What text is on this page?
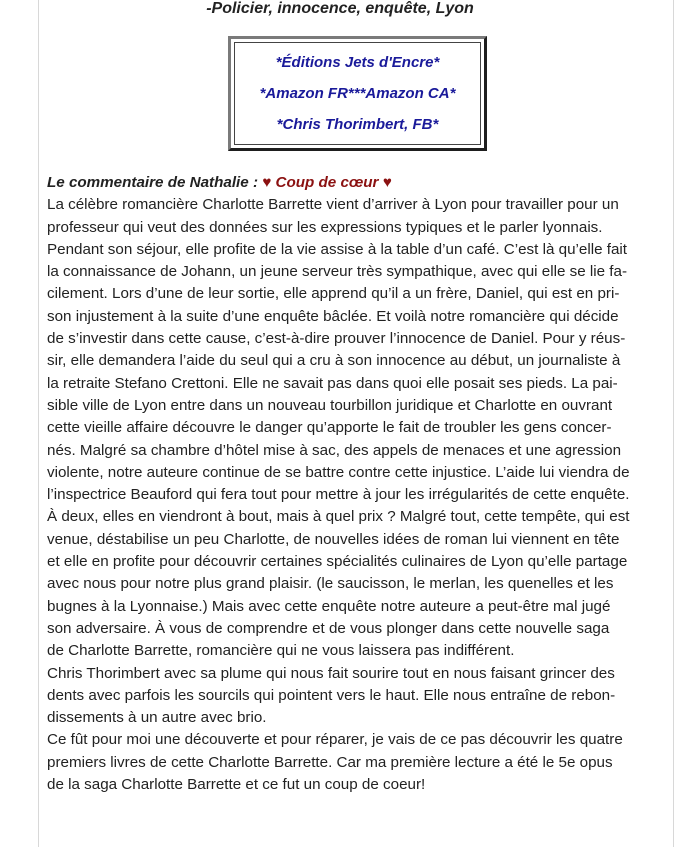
-Policier, innocence, enquête, Lyon
*Éditions Jets d'Encre*
*Amazon FR***Amazon CA*
*Chris Thorimbert, FB*
Le commentaire de Nathalie : ♥ Coup de cœur ♥
La célèbre romancière Charlotte Barrette vient d’arriver à Lyon pour travailler pour un
professeur qui veut des données sur les expressions typiques et le parler lyonnais.
Pendant son séjour, elle profite de la vie assise à la table d’un café. C’est là qu’elle fait
la connaissance de Johann, un jeune serveur très sympathique, avec qui elle se lie fa-
cilement. Lors d’une de leur sortie, elle apprend qu’il a un frère, Daniel, qui est en pri-
son injustement à la suite d’une enquête bâclée. Et voilà notre romancière qui décide
de s’investir dans cette cause, c’est-à-dire prouver l’innocence de Daniel. Pour y réus-
sir, elle demandera l’aide du seul qui a cru à son innocence au début, un journaliste à
la retraite Stefano Crettoni. Elle ne savait pas dans quoi elle posait ses pieds. La pai-
sible ville de Lyon entre dans un nouveau tourbillon juridique et Charlotte en ouvrant
cette vieille affaire découvre le danger qu’apporte le fait de troubler les gens concer-
nés. Malgré sa chambre d’hôtel mise à sac, des appels de menaces et une agression
violente, notre auteure continue de se battre contre cette injustice. L’aide lui viendra de
l’inspectrice Beauford qui fera tout pour mettre à jour les irrégularités de cette enquête.
À deux, elles en viendront à bout, mais à quel prix ? Malgré tout, cette tempête, qui est
venue, déstabilise un peu Charlotte, de nouvelles idées de roman lui viennent en tête
et elle en profite pour découvrir certaines spécialités culinaires de Lyon qu’elle partage
avec nous pour notre plus grand plaisir. (le saucisson, le merlan, les quenelles et les
bugnes à la Lyonnaise.) Mais avec cette enquête notre auteure a peut-être mal jugé
son adversaire. À vous de comprendre et de vous plonger dans cette nouvelle saga
de Charlotte Barrette, romancière qui ne vous laissera pas indifférent.
Chris Thorimbert avec sa plume qui nous fait sourire tout en nous faisant grincer des
dents avec parfois les sourcils qui pointent vers le haut. Elle nous entraîne de rebon-
dissements à un autre avec brio.
Ce fût pour moi une découverte et pour réparer, je vais de ce pas découvrir les quatre
premiers livres de cette Charlotte Barrette. Car ma première lecture a été le 5e opus
de la saga Charlotte Barrette et ce fut un coup de coeur!
